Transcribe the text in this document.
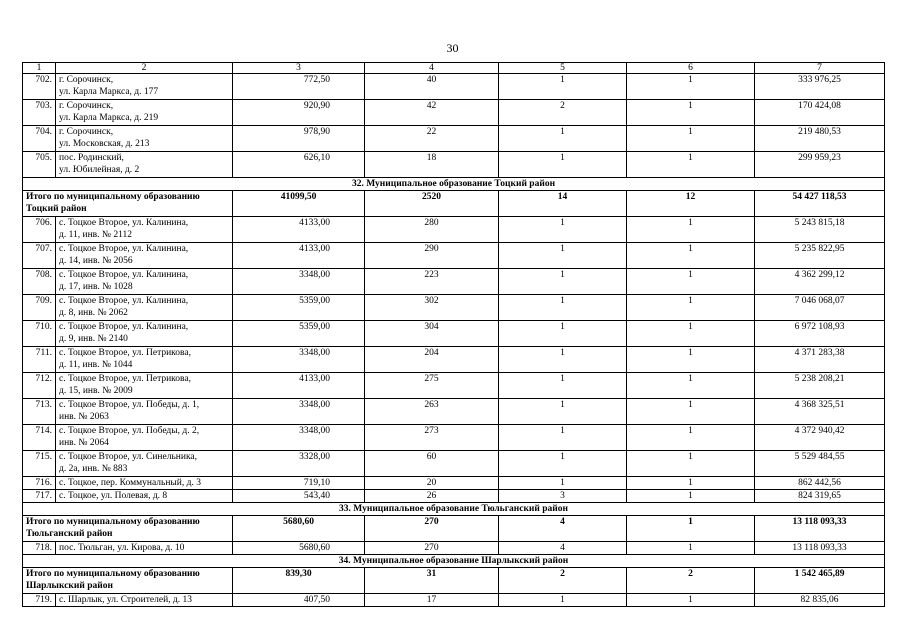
30
1	2	3	4	5	6	7
702.	г. Сорочинск,
ул. Карла Маркса, д. 177	772,50	40	1	1	333 976,25
703.	г. Сорочинск,
ул. Карла Маркса, д. 219	920,90	42	2	1	170 424,08
704.	г. Сорочинск,
ул. Московская, д. 213	978,90	22	1	1	219 480,53
705.	пос. Родинский,
ул. Юбилейная, д. 2	626,10	18	1	1	299 959,23
32. Муниципальное образование Тоцкий район						
Итого по муниципальному образованию
Тоцкий район		41099,50	2520	14	12	54 427 118,53
706.	с. Тоцкое Второе, ул. Калинина,
д. 11, инв. № 2112	4133,00	280	1	1	5 243 815,18
707.	с. Тоцкое Второе, ул. Калинина,
д. 14, инв. № 2056	4133,00	290	1	1	5 235 822,95
708.	с. Тоцкое Второе, ул. Калинина,
д. 17, инв. № 1028	3348,00	223	1	1	4 362 299,12
709.	с. Тоцкое Второе, ул. Калинина,
д. 8, инв. № 2062	5359,00	302	1	1	7 046 068,07
710.	с. Тоцкое Второе, ул. Калинина,
д. 9, инв. № 2140	5359,00	304	1	1	6 972 108,93
711.	с. Тоцкое Второе, ул. Петрикова,
д. 11, инв. № 1044	3348,00	204	1	1	4 371 283,38
712.	с. Тоцкое Второе, ул. Петрикова,
д. 15, инв. № 2009	4133,00	275	1	1	5 238 208,21
713.	с. Тоцкое Второе, ул. Победы, д. 1,
инв. № 2063	3348,00	263	1	1	4 368 325,51
714.	с. Тоцкое Второе, ул. Победы, д. 2,
инв. № 2064	3348,00	273	1	1	4 372 940,42
715.	с. Тоцкое Второе, ул. Синельника,
д. 2а, инв. № 883	3328,00	60	1	1	5 529 484,55
716.	с. Тоцкое, пер. Коммунальный, д. 3	719,10	20	1	1	862 442,56
717.	с. Тоцкое, ул. Полевая, д. 8	543,40	26	3	1	824 319,65
33. Муниципальное образование Тюльганский район						
Итого по муниципальному образованию
Тюльганский район		5680,60	270	4	1	13 118 093,33
718.	пос. Тюльган, ул. Кирова, д. 10	5680,60	270	4	1	13 118 093,33
34. Муниципальное образование Шарлыкский район						
Итого по муниципальному образованию
Шарлыкский район		839,30	31	2	2	1 542 465,89
719.	с. Шарлык, ул. Строителей, д. 13	407,50	17	1	1	82 835,06
